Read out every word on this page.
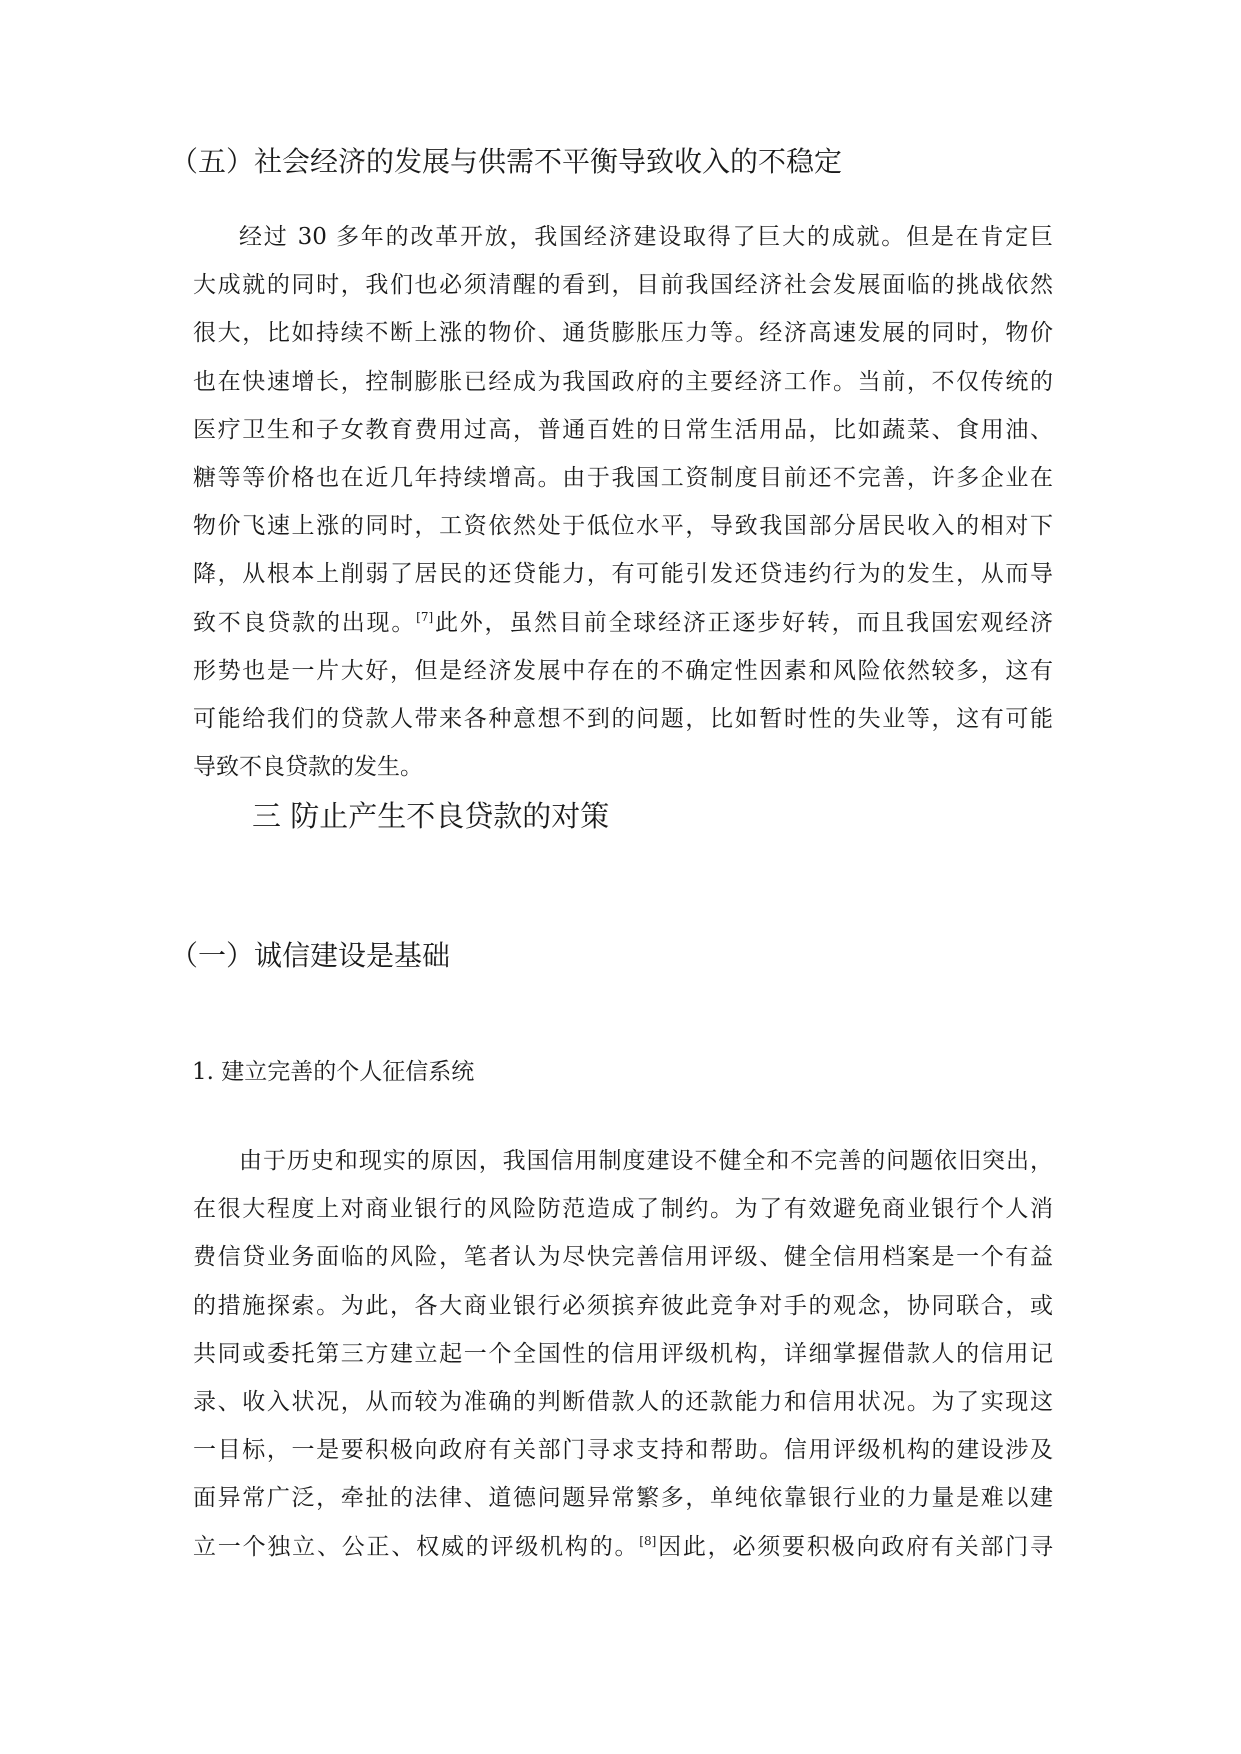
（五）社会经济的发展与供需不平衡导致收入的不稳定

经过 30 多年的改革开放，我国经济建设取得了巨大的成就。但是在肯定巨
大成就的同时，我们也必须清醒的看到，目前我国经济社会发展面临的挑战依然
很大，比如持续不断上涨的物价、通货膨胀压力等。经济高速发展的同时，物价
也在快速增长，控制膨胀已经成为我国政府的主要经济工作。当前，不仅传统的
医疗卫生和子女教育费用过高，普通百姓的日常生活用品，比如蔬菜、食用油、
糖等等价格也在近几年持续增高。由于我国工资制度目前还不完善，许多企业在
物价飞速上涨的同时，工资依然处于低位水平，导致我国部分居民收入的相对下
降，从根本上削弱了居民的还贷能力，有可能引发还贷违约行为的发生，从而导
致不良贷款的出现。[7]此外，虽然目前全球经济正逐步好转，而且我国宏观经济
形势也是一片大好，但是经济发展中存在的不确定性因素和风险依然较多，这有
可能给我们的贷款人带来各种意想不到的问题，比如暂时性的失业等，这有可能
导致不良贷款的发生。

三 防止产生不良贷款的对策
（一）诚信建设是基础
1. 建立完善的个人征信系统

由于历史和现实的原因，我国信用制度建设不健全和不完善的问题依旧突出，
在很大程度上对商业银行的风险防范造成了制约。为了有效避免商业银行个人消
费信贷业务面临的风险，笔者认为尽快完善信用评级、健全信用档案是一个有益
的措施探索。为此，各大商业银行必须摈弃彼此竞争对手的观念，协同联合，或
共同或委托第三方建立起一个全国性的信用评级机构，详细掌握借款人的信用记
录、收入状况，从而较为准确的判断借款人的还款能力和信用状况。为了实现这
一目标，一是要积极向政府有关部门寻求支持和帮助。信用评级机构的建设涉及
面异常广泛，牵扯的法律、道德问题异常繁多，单纯依靠银行业的力量是难以建
立一个独立、公正、权威的评级机构的。[8]因此，必须要积极向政府有关部门寻
